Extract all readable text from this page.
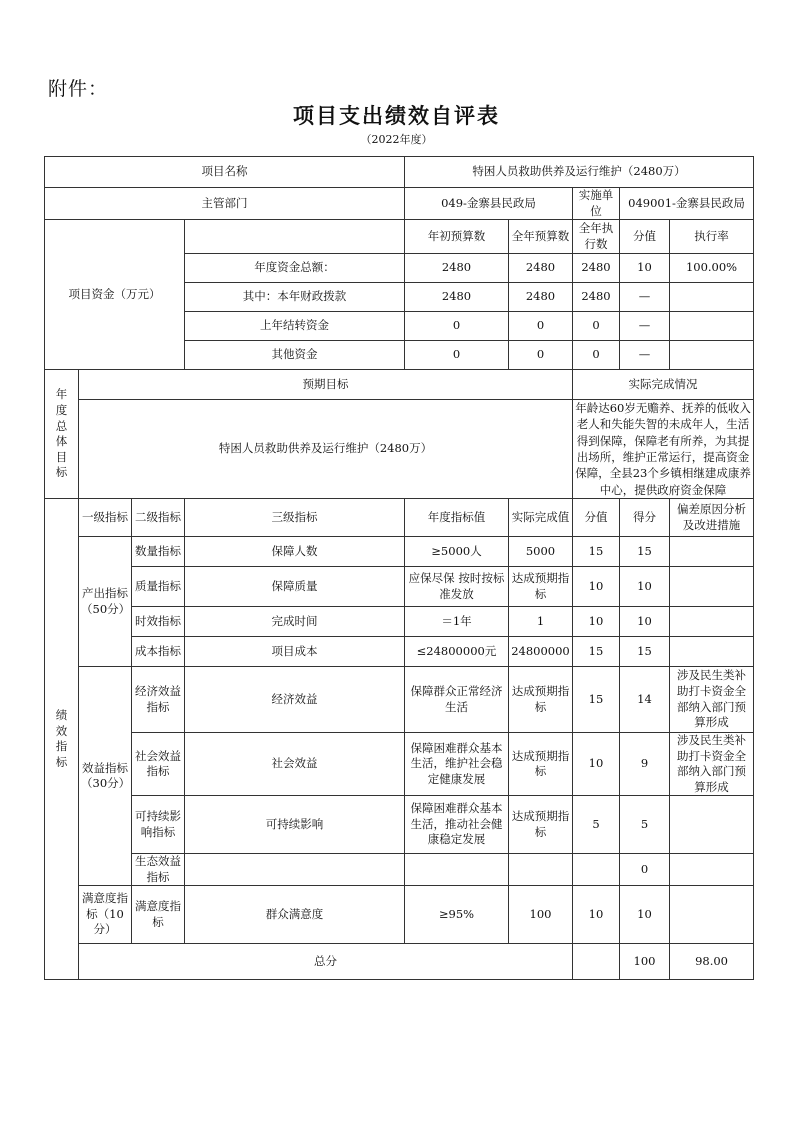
附件：
项目支出绩效自评表
（2022年度）
项目名称				特困人员救助供养及运行维护（2480万）					
主管部门				049-金寨县民政局		实施单位	049001-金寨县民政局		
项目资金（万元）				年初预算数	全年预算数	全年执行数	分值	执行率	
			年度资金总额：	2480	2480	2480	10	100.00%	
			其中：本年财政拨款	2480	2480	2480	—		
			上年结转资金	0	0	0	—		
			其他资金	0	0	0	—		

年度总体目标	预期目标					实际完成情况			
	特困人员救助供养及运行维护（2480万）					年龄达60岁无赡养、抚养的低收入老人和失能失智的未成年人，生活得到保障，保障老有所养，为其提出场所，维护正常运行，提高资金保障，全县23个乡镇相继建成康养中心，提供政府资金保障			

绩效指标	一级指标	二级指标	三级指标	年度指标值	实际完成值	分值	得分	偏差原因分析及改进措施	
	产出指标（50分）	数量指标	保障人数	≥5000人	5000	15	15		
		质量指标	保障质量	应保尽保 按时按标准发放	达成预期指标	10	10		
		时效指标	完成时间	＝1年	1	10	10		
		成本指标	项目成本	≤24800000元	24800000	15	15		
	效益指标（30分）	经济效益指标	经济效益	保障群众正常经济生活	达成预期指标	15	14	涉及民生类补助打卡资金全部纳入部门预算形成	
		社会效益指标	社会效益	保障困难群众基本生活，维护社会稳定健康发展	达成预期指标	10	9	涉及民生类补助打卡资金全部纳入部门预算形成	
		可持续影响指标	可持续影响	保障困难群众基本生活，推动社会健康稳定发展	达成预期指标	5	5		
		生态效益指标					0		
	满意度指标（10分）	满意度指标	群众满意度	≥95%	100	10	10		
	总分						100	98.00	
